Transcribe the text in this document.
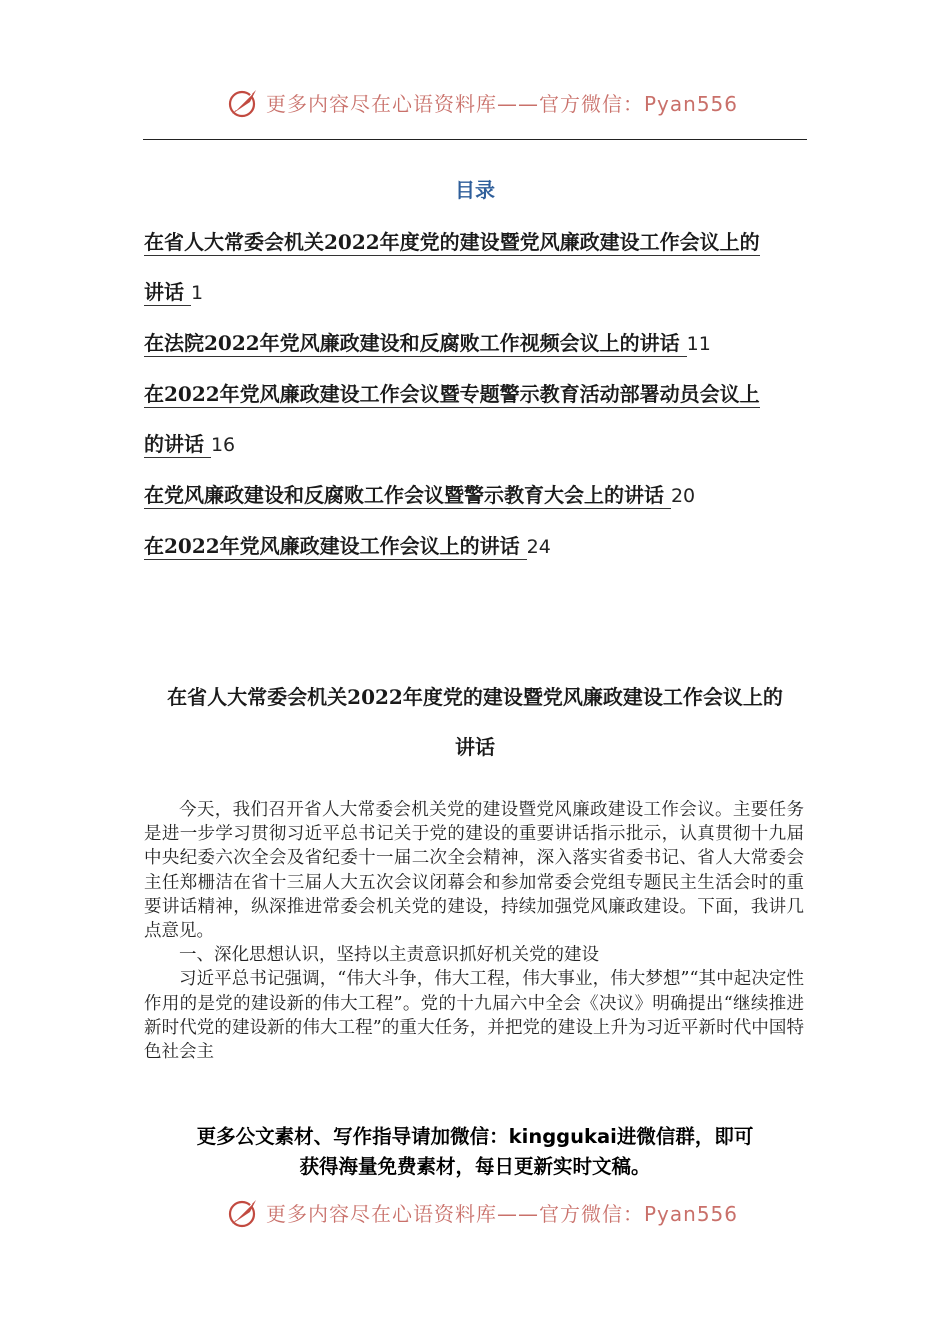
更多内容尽在心语资料库——官方微信：Pyan556
目录
在省人大常委会机关2022年度党的建设暨党风廉政建设工作会议上的
讲话 1
在法院2022年党风廉政建设和反腐败工作视频会议上的讲话 11
在2022年党风廉政建设工作会议暨专题警示教育活动部署动员会议上
的讲话 16
在党风廉政建设和反腐败工作会议暨警示教育大会上的讲话 20
在2022年党风廉政建设工作会议上的讲话 24
在省人大常委会机关2022年度党的建设暨党风廉政建设工作会议上的
讲话

今天，我们召开省人大常委会机关党的建设暨党风廉政建设工作会议。主要任务是进一步学习贯彻习近平总书记关于党的建设的重要讲话指示批示，认真贯彻十九届中央纪委六次全会及省纪委十一届二次全会精神，深入落实省委书记、省人大常委会主任郑栅洁在省十三届人大五次会议闭幕会和参加常委会党组专题民主生活会时的重要讲话精神，纵深推进常委会机关党的建设，持续加强党风廉政建设。下面，我讲几点意见。

一、深化思想认识，坚持以主责意识抓好机关党的建设

习近平总书记强调，“伟大斗争，伟大工程，伟大事业，伟大梦想”“其中起决定性作用的是党的建设新的伟大工程”。党的十九届六中全会《决议》明确提出“继续推进新时代党的建设新的伟大工程”的重大任务，并把党的建设上升为习近平新时代中国特色社会主

更多公文素材、写作指导请加微信：kinggukai进微信群，即可
获得海量免费素材，每日更新实时文稿。
更多内容尽在心语资料库——官方微信：Pyan556
